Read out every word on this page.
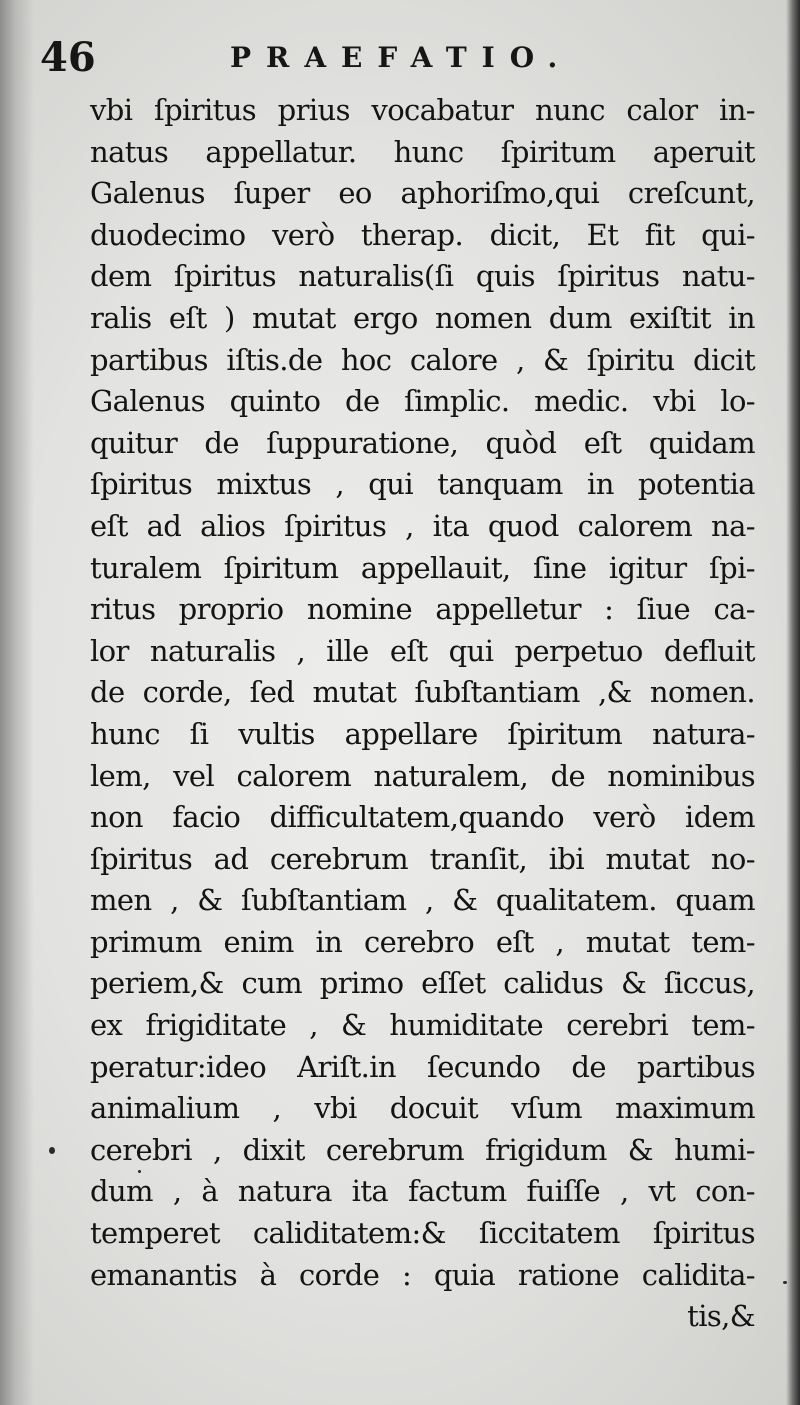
46	PRAEFATIO.
vbi ſpiritus prius vocabatur nunc calor in-
natus appellatur. hunc ſpiritum aperuit
Galenus ſuper eo aphoriſmo,qui creſcunt,
duodecimo verò therap. dicit, Et fit qui-
dem ſpiritus naturalis(ſi quis ſpiritus natu-
ralis eſt ) mutat ergo nomen dum exiſtit in
partibus iſtis.de hoc calore , & ſpiritu dicit
Galenus quinto de ſimplic. medic. vbi lo-
quitur de ſuppuratione, quòd eſt quidam
ſpiritus mixtus , qui tanquam in potentia
eſt ad alios ſpiritus , ita quod calorem na-
turalem ſpiritum appellauit, ſine igitur ſpi-
ritus proprio nomine appelletur : ſiue ca-
lor naturalis , ille eſt qui perpetuo defluit
de corde, ſed mutat ſubſtantiam ,& nomen.
hunc ſi vultis appellare ſpiritum natura-
lem, vel calorem naturalem, de nominibus
non facio difficultatem,quando verò idem
ſpiritus ad cerebrum tranſit, ibi mutat no-
men , & ſubſtantiam , & qualitatem. quam
primum enim in cerebro eſt , mutat tem-
periem,& cum primo eſſet calidus & ſiccus,
ex frigiditate , & humiditate cerebri tem-
peratur:ideo Ariſt.in ſecundo de partibus
animalium , vbi docuit vſum maximum
cerebri , dixit cerebrum frigidum & humi-
dum , à natura ita factum fuiſſe , vt con-
temperet caliditatem:& ſiccitatem ſpiritus
emanantis à corde : quia ratione calidita-
tis,&
